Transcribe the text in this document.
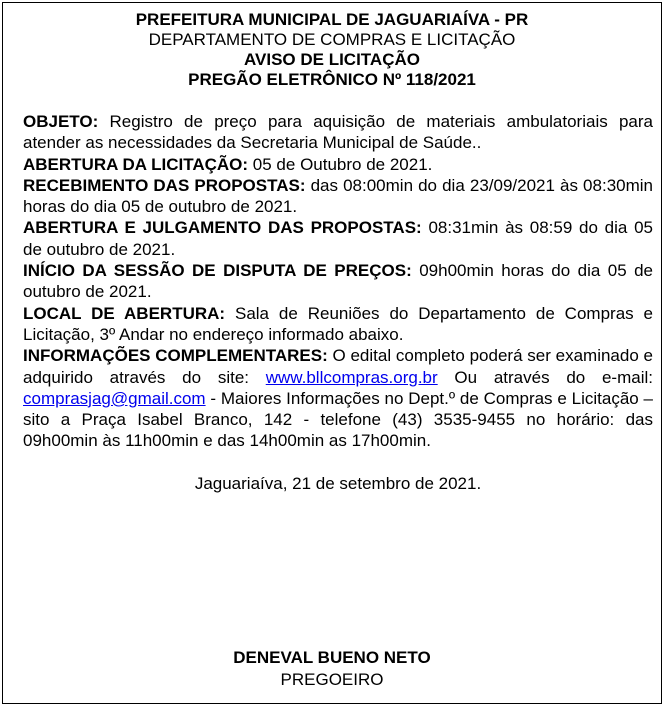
PREFEITURA MUNICIPAL DE JAGUARIAÍVA - PR
DEPARTAMENTO DE COMPRAS E LICITAÇÃO
AVISO DE LICITAÇÃO
PREGÃO ELETRÔNICO Nº 118/2021

OBJETO: Registro de preço para aquisição de materiais ambulatoriais para atender as necessidades da Secretaria Municipal de Saúde..

ABERTURA DA LICITAÇÃO: 05 de Outubro de 2021.

RECEBIMENTO DAS PROPOSTAS: das 08:00min do dia 23/09/2021 às 08:30min horas do dia 05 de outubro de 2021.

ABERTURA E JULGAMENTO DAS PROPOSTAS: 08:31min às 08:59 do dia 05 de outubro de 2021.

INÍCIO DA SESSÃO DE DISPUTA DE PREÇOS: 09h00min horas do dia 05 de outubro de 2021.

LOCAL DE ABERTURA: Sala de Reuniões do Departamento de Compras e Licitação, 3º Andar no endereço informado abaixo.

INFORMAÇÕES COMPLEMENTARES: O edital completo poderá ser examinado e adquirido através do site: www.bllcompras.org.br Ou através do e-mail: comprasjag@gmail.com - Maiores Informações no Dept.º de Compras e Licitação – sito a Praça Isabel Branco, 142 - telefone (43) 3535-9455 no horário: das 09h00min às 11h00min e das 14h00min as 17h00min.

Jaguariaíva, 21 de setembro de 2021.
DENEVAL BUENO NETO
PREGOEIRO
